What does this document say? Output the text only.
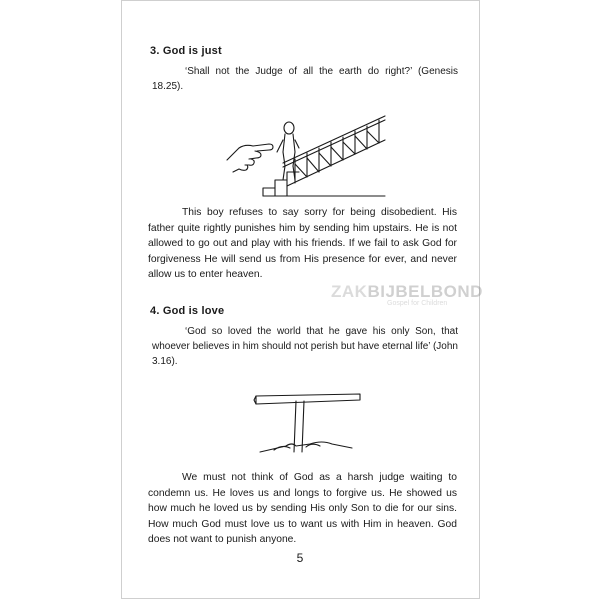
3. God is just
‘Shall not the Judge of all the earth do right?’ (Genesis 18.25).
This boy refuses to say sorry for being disobedient. His father quite rightly punishes him by sending him upstairs. He is not allowed to go out and play with his friends. If we fail to ask God for forgiveness He will send us from His presence for ever, and never allow us to enter heaven.
ZAKBIJBELBOND
Gospel for Children
4. God is love
‘God so loved the world that he gave his only Son, that whoever believes in him should not perish but have eternal life’ (John 3.16).
We must not think of God as a harsh judge waiting to condemn us. He loves us and longs to forgive us. He showed us how much he loved us by sending His only Son to die for our sins. How much God must love us to want us with Him in heaven. God does not want to punish anyone.
5
